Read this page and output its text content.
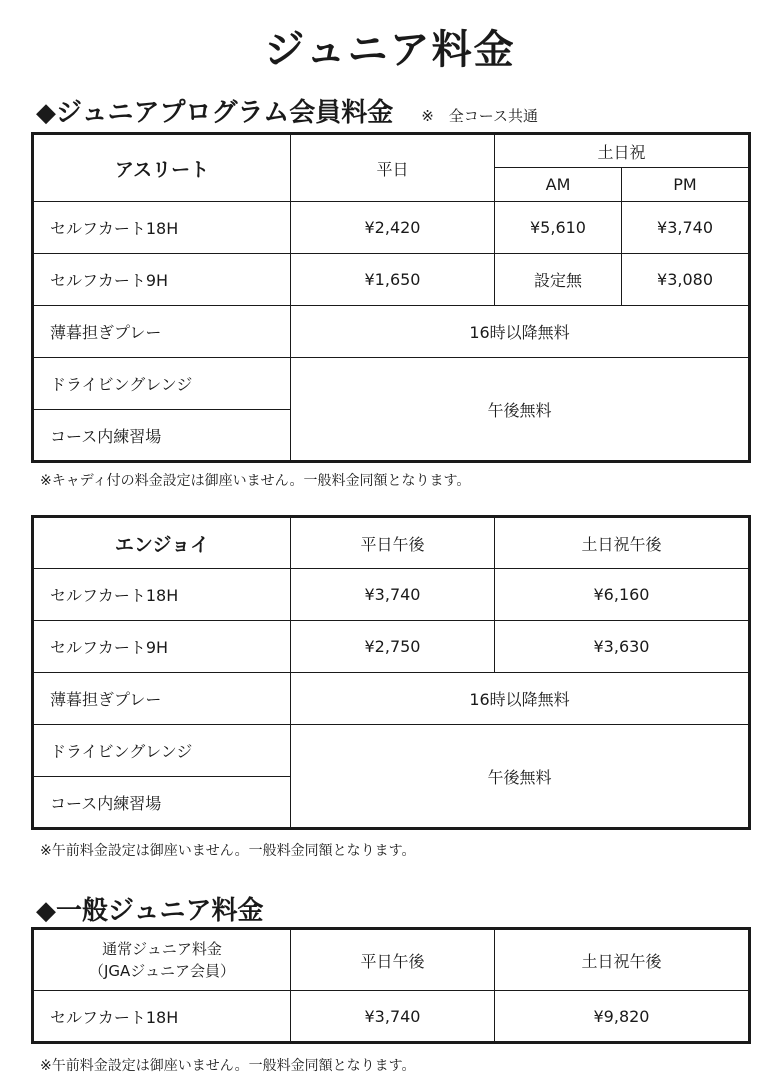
ジュニア料金
◆ジュニアプログラム会員料金 ※　全コース共通
アスリート	平日	土日祝	
		AM	PM
セルフカート18H	¥2,420	¥5,610	¥3,740
セルフカート9H	¥1,650	設定無	¥3,080
薄暮担ぎプレー	16時以降無料		
ドライビングレンジ	午後無料		
コース内練習場			
※キャディ付の料金設定は御座いません。一般料金同額となります。
エンジョイ	平日午後	土日祝午後
セルフカート18H	¥3,740	¥6,160
セルフカート9H	¥2,750	¥3,630
薄暮担ぎプレー	16時以降無料	
ドライビングレンジ	午後無料	
コース内練習場		
※午前料金設定は御座いません。一般料金同額となります。
◆一般ジュニア料金
通常ジュニア料金
（JGAジュニア会員）	平日午後	土日祝午後
セルフカート18H	¥3,740	¥9,820
※午前料金設定は御座いません。一般料金同額となります。
